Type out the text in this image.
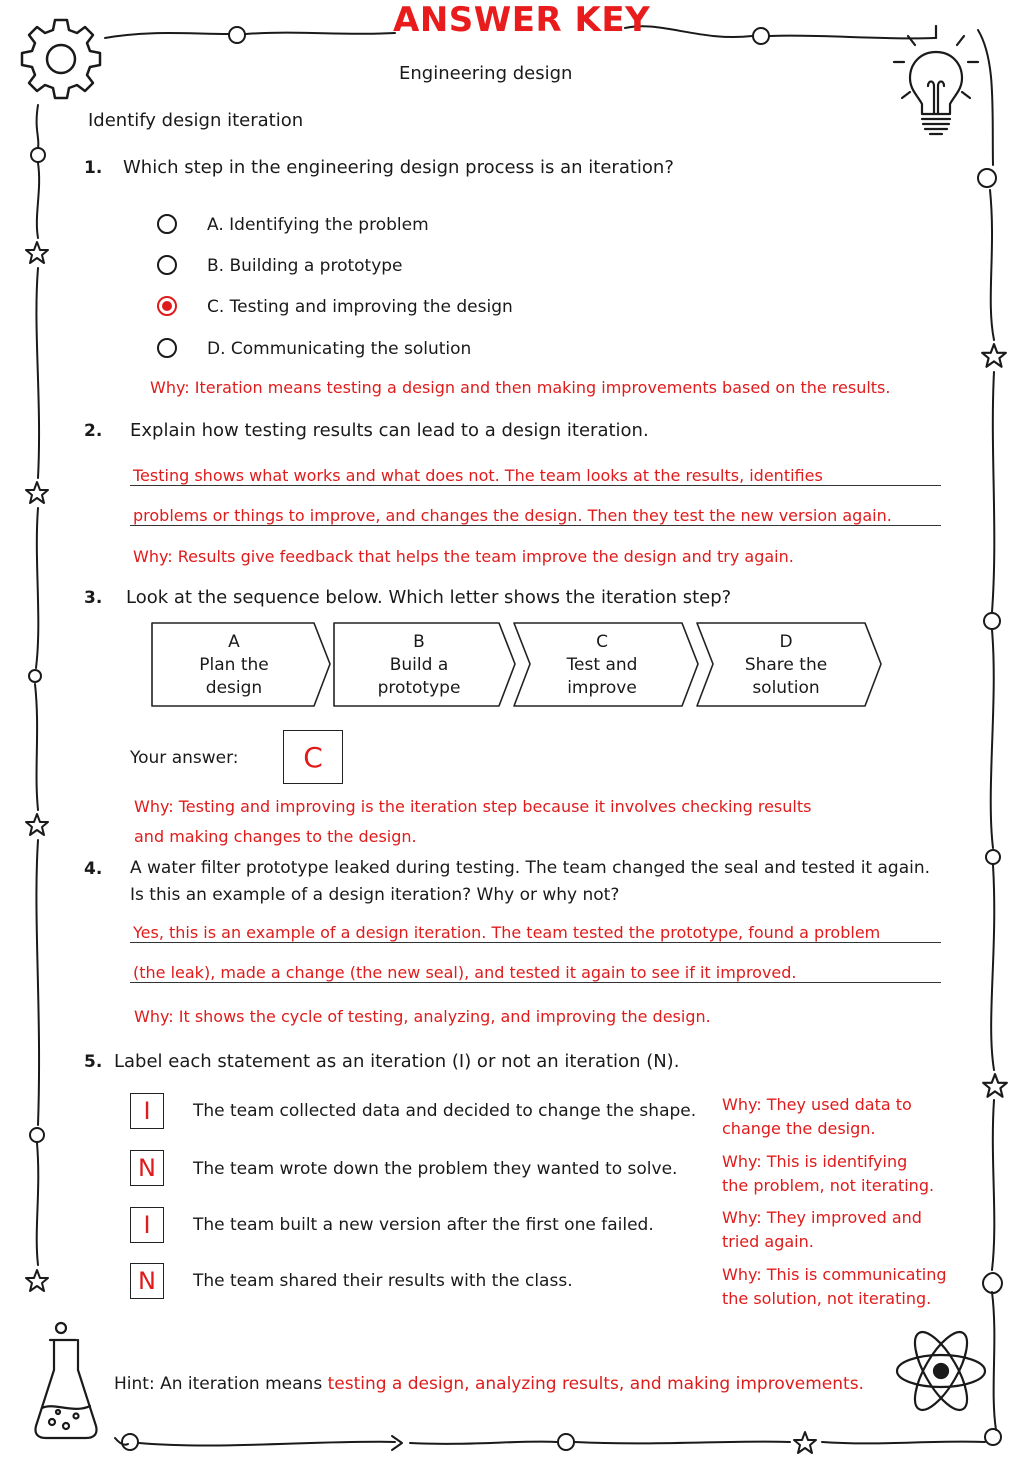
ANSWER KEY
Engineering design
Identify design iteration
1. Which step in the engineering design process is an iteration?
A. Identifying the problem
B. Building a prototype
C. Testing and improving the design
D. Communicating the solution
Why: Iteration means testing a design and then making improvements based on the results.
2. Explain how testing results can lead to a design iteration.
Testing shows what works and what does not. The team looks at the results, identifies
problems or things to improve, and changes the design. Then they test the new version again.
Why: Results give feedback that helps the team improve the design and try again.
3. Look at the sequence below. Which letter shows the iteration step?
A
Plan the
design
B
Build a
prototype
C
Test and
improve
D
Share the
solution
Your answer:	C
Why: Testing and improving is the iteration step because it involves checking results
and making changes to the design.
4. A water filter prototype leaked during testing. The team changed the seal and tested it again.
Is this an example of a design iteration? Why or why not?
Yes, this is an example of a design iteration. The team tested the prototype, found a problem
(the leak), made a change (the new seal), and tested it again to see if it improved.
Why: It shows the cycle of testing, analyzing, and improving the design.
5. Label each statement as an iteration (I) or not an iteration (N).
I	The team collected data and decided to change the shape. Why: They used data to
change the design.
N	The team wrote down the problem they wanted to solve.	Why: This is identifying
the problem, not iterating.
I	The team built a new version after the first one failed.	Why: They improved and
tried again.
N	The team shared their results with the class.	Why: This is communicating
the solution, not iterating.
Hint: An iteration means testing a design, analyzing results, and making improvements.
